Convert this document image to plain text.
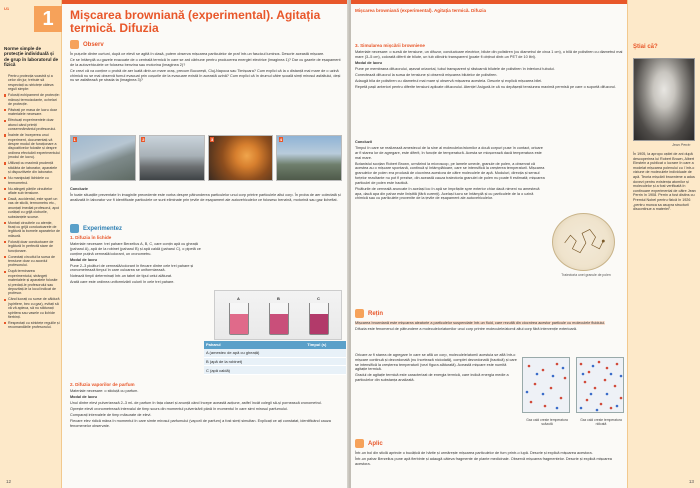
U1	1
Norme simple de protecție individuală și de grup în laboratorul de fizică
Pentru protecția voastră și a celor din jur, trebuie să respectați cu strictețe câteva reguli simple:
Folosiți echipament de protecție: mănuși termoizolante, ochelari de protecție.
Păstrați pe masa de lucru doar materialele necesare.
Efectuați experimentele doar atunci când primiți consemnământul profesorului.
Înainte de începerea unui experiment, documentați-vă despre modul de funcționare a dispozitivelor folosite și despre ordinea efectuării experimentului (modul de lucru).
Utilizați cu maximă prudență sticlăria de laborator, aparatele și dispozitivele din laborator.
Nu manipulați lichidele cu termometrul.
Nu atingeți părțile circuitelor aflate sub tensiune.
Dacă, accidental, este spart un vas de sticlă, termometru etc., anunțați imediat profesorul, apoi curățați cu grijă cioburile, substanțele scurse.
Montați circuitele cu atenție, fixați cu grijă conductoarele de legătură la bornele aparatelor de măsură.
Folosiți doar conductoare de legătură în perfectă stare de funcționare.
Conectați circuitul la sursa de tensiune doar cu acordul profesorului.
După terminarea experimentului, strângeți materialele și aparatele folosite și predați-le profesorului sau depozitați-le la locul indicat de profesor.
Când lucrați cu surse de căldură (spirtiere, bec cu gaz), evitați să vă vă apleca, să nu stătunați spirtiera sau vasele cu lichide fierbinți.
Respectați cu strictețe regulile și recomandările profesorului.
Mișcarea browniană (experimental). Agitația termică. Difuzia
Observ

În puțurile dintre curtuni, după ce elevii se agită în clasă, putem observa mișcarea particulelor de praf într-un fascicul luminos. Descrie această mișcare.

Ce se întâmplă cu gazele evacuate de o centrală termică în care se ard cărbune pentru producerea energiei electrice (imaginea 1)? Dar cu gazele de eșapament de la autovehiculele ce folosesc benzina sau motorina (imaginea 2)?

Ce crezi că va conține o probă de aer luată dintr-un mare oraș, precum București, Cluj-Napoca sau Timișoara? Cum explici că la o distanță mai mare de o uzină chimică nu se mai observă fumul evacuat prin coșurile de la evacuare există în această uzină? Cum explici că în drumul către școală simți mirosul asfaltului, deși nu se asfaltează pe strada ta (imaginea 3)?

1	2	3	4

Concluzie

În toate situațiile prezentate în imaginile precedente este vorba despre pătrunderea particulelor unui corp printre particulele altui corp. În proba de aer colectată și analizată în laborator vor fi identificate particulele ce sunt eliminate prin țevile de eșapament ale autovehiculelor ce folosesc benzină, motorină sau gaz lichefiat.

Experimentez

1. Difuzia în lichide

Materiale necesare: trei pahare Berzelius A, B, C, care conțin apă cu gheață (paharul A), apă de la robinet (paharul B) și apă caldă (paharul C), o pipetă ce conține puțină cerneală/colorant, un cronometru.

Modul de lucru

Pune 2–3 picături de cerneală/colorant în fiecare dintre cele trei pahare și cronometrează timpul în care culoarea se uniformizează.

Notează timpii determinați într-un tabel de tipul celui alăturat.

Arată care este ordinea uniformizării culorii în cele trei pahare.

A	B	C
Paharul	Timpul (s)
A (amestec de apă cu gheață)	
B (apă de la robinet)	
C (apă caldă)	

2. Difuzia vaporilor de parfum

Materiale necesare: o sticluță cu parfum.

Modul de lucru

Unul dintre elevi pulverizează 2–3 mL de parfum în fața clasei și anunță când începe această acțiune, astfel încât colegii să-și pornească cronometrul.

Oprește elevii cronometrează intervalul de timp scurs din momentul pulverizării până în momentul în care simt mirosul parfumului.

Comparați intervalele de timp măsurate de elevi.

Fiecare elev ridică mâna în momentul în care simte mirosul parfumului (vaporii de parfum) a fost simți simultan. Explicați ce ați constatat, identificând cauza fenomenelor observate.

12
Mișcarea browniană (experimental). Agitația termică. Difuzia

3. Simularea mișcării browniene

Materiale necesare: o sursă de tensiune, un difuzor, conductoare electrice, bilute din polistiren (cu diametrul de circa 1 cm), o bilă de polistiren cu diametrul mai mare (3–5 cm), colorată diferit de bilute, un tub cilindric transparent (poate fi obținut dintr-un PET de 10 litri).

Modul de lucru

Pune pe membrana difuzorului, așezat orizontal, tubul transparent și răstoarnă bilutele de polistiren în interiorul tubului.

Conectează difuzorul la sursa de tensiune și observă mișcarea bilutelor de polistiren.

Adaugă bila de polistiren cu diametrul mai mare și observă mișcarea acesteia. Descrie și explică mișcarea bilei.

Repetă pașii anteriori pentru diferite tensiuni aplicate difuzorului. Atenție! Asigură-te că nu depășești tensiunea maximă permisă pe care o suportă difuzorul.

Concluzii

Timpul în care se realizează amestecul de la sine al moleculelor/atomilor a două corpuri puse în contact, oricare ar fi starea lor de agregare, este diferit, în funcție de temperatură. Acesta se micșorează dacă temperatura este mai mare.

Botanistul scoțian Robert Brown, urmărind la microscop, pe lamele umede, granule de polen, a observat că acestea au o mișcare spontană, continuă și întâmplătoare, care se intensifică la creșterea temperaturii. Mișcarea granulelor de polen era produsă de ciocnirea acestora de către moleculele de apă. Moduluri, direcția și sensul forțelor rezultante nu pot fi prezise, din această cauza traiectoria granulei de polen nu poate fi estimată; mișcarea particulei de polen este haotică.

Picăturile de cerneală aruncate în același loc în apă se împrăștie spre exterior chiar dacă nimeni nu amestecă apa, dacă apa din pahar este liniștită (fără curenți). Același lucru se întâmplă și cu particulele de la o uzină chimică sau cu particulele provenite de la țevile de eșapament ale autovehiculelor.

Traiectoria unei granule de polen
Rețin

Mișcarea browniană este mișcarea aleatorie a particulelor suspendate într-un fluid, care rezultă din ciocnirea acestor particule cu moleculele fluidului.

Difuzia este fenomenul de pătrundere a moleculelor/atomilor unui corp printre moleculele/atomii altui corp fără intervenție exterioară.

Oricare ar fi starea de agregare în care se află un corp, moleculele/atomii acestuia se află într-o mișcare continuă și dezordonată (nu încetează niciodată), complet dezordonată (haotică) și care se intensifică la creșterea temperaturii (vezi figura alăturată). Această mișcare este numită agitație termică.

Gradul de agitație termică este caracterizat de energia termică, care indică energia medie a particulelor din substanța analizată.

Gaz cald creste temperatura scăzută
Gaz cald creste temperatura ridicată
Aplic

Într-un bol din sticlă aprinde o bucățică de hârtie și urmărește mișcarea particulelor de fum printr-o lupă. Descrie și explică mișcarea acestora.

Într-un pahar Berzelius pune apă fierbinte și adaugă câteva fragmente de plante medicinale. Observă mișcarea fragmentelor. Descrie și explică mișcarea acestora.

Știai că?
Jean Perrin
În 1905, la apropo oștiei de ani după descoperirea lui Robert Brown, Albert Einstein a publicat o lucrare în care a modelat mișcarea polenului cu l într-o viziune de moleculele individuale de apă. Teoria mișcării browniene a adus dovezi pentru existența atomilor și moleculelor și a fost verificată în continuare experimental de către Jean Perrin în 1908. Perrin a fost distins cu Premiul Nobel pentru fizică în 1926 „pentru munca sa asupra structurii discontinue a materiei”.
13
